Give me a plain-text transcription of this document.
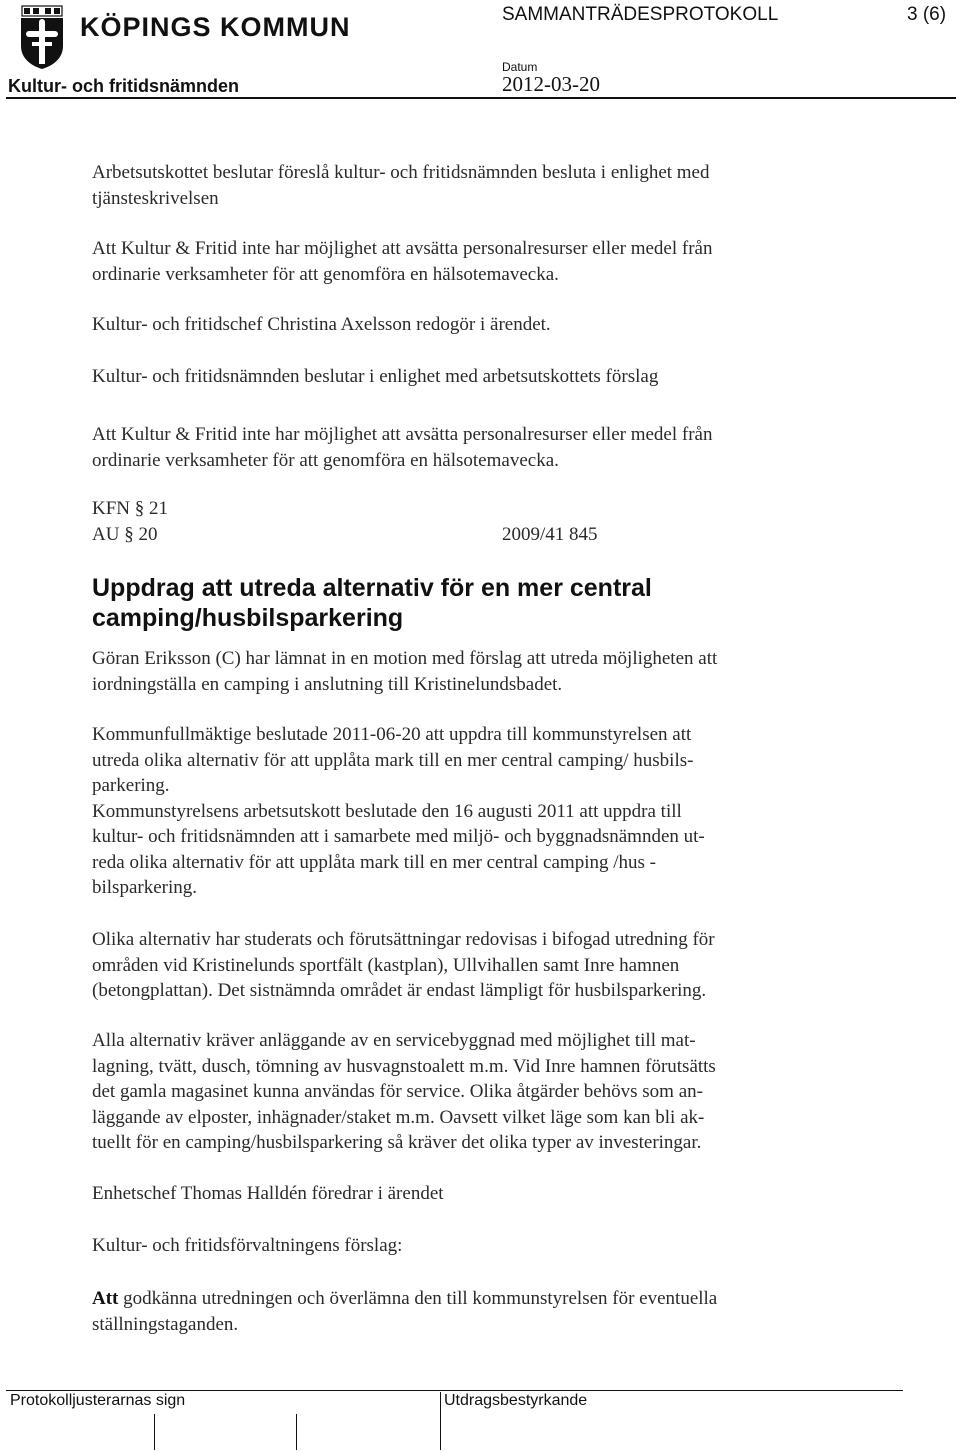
KÖPINGS KOMMUN
Kultur- och fritidsnämnden
SAMMANTRÄDESPROTOKOLL	3 (6)
Datum
2012-03-20
Arbetsutskottet beslutar föreslå kultur- och fritidsnämnden besluta i enlighet med
tjänsteskrivelsen
Att Kultur & Fritid inte har möjlighet att avsätta personalresurser eller medel från
ordinarie verksamheter för att genomföra en hälsotemavecka.
Kultur- och fritidschef Christina Axelsson redogör i ärendet.
Kultur- och fritidsnämnden beslutar i enlighet med arbetsutskottets förslag
Att Kultur & Fritid inte har möjlighet att avsätta personalresurser eller medel från
ordinarie verksamheter för att genomföra en hälsotemavecka.
KFN § 21
AU § 20	2009/41 845
Uppdrag att utreda alternativ för en mer central
camping/husbilsparkering
Göran Eriksson (C) har lämnat in en motion med förslag att utreda möjligheten att
iordningställa en camping i anslutning till Kristinelundsbadet.
Kommunfullmäktige beslutade 2011-06-20 att uppdra till kommunstyrelsen att
utreda olika alternativ för att upplåta mark till en mer central camping/ husbils-
parkering.
Kommunstyrelsens arbetsutskott beslutade den 16 augusti 2011 att uppdra till
kultur- och fritidsnämnden att i samarbete med miljö- och byggnadsnämnden ut-
reda olika alternativ för att upplåta mark till en mer central camping /hus -
bilsparkering.
Olika alternativ har studerats och förutsättningar redovisas i bifogad utredning för
områden vid Kristinelunds sportfält (kastplan), Ullvihallen samt Inre hamnen
(betongplattan). Det sistnämnda området är endast lämpligt för husbilsparkering.
Alla alternativ kräver anläggande av en servicebyggnad med möjlighet till mat-
lagning, tvätt, dusch, tömning av husvagnstoalett m.m. Vid Inre hamnen förutsätts
det gamla magasinet kunna användas för service. Olika åtgärder behövs som an-
läggande av elposter, inhägnader/staket m.m. Oavsett vilket läge som kan bli ak-
tuellt för en camping/husbilsparkering så kräver det olika typer av investeringar.
Enhetschef Thomas Halldén föredrar i ärendet
Kultur- och fritidsförvaltningens förslag:
Att godkänna utredningen och överlämna den till kommunstyrelsen för eventuella
ställningstaganden.
Protokolljusterarnas sign	Utdragsbestyrkande
